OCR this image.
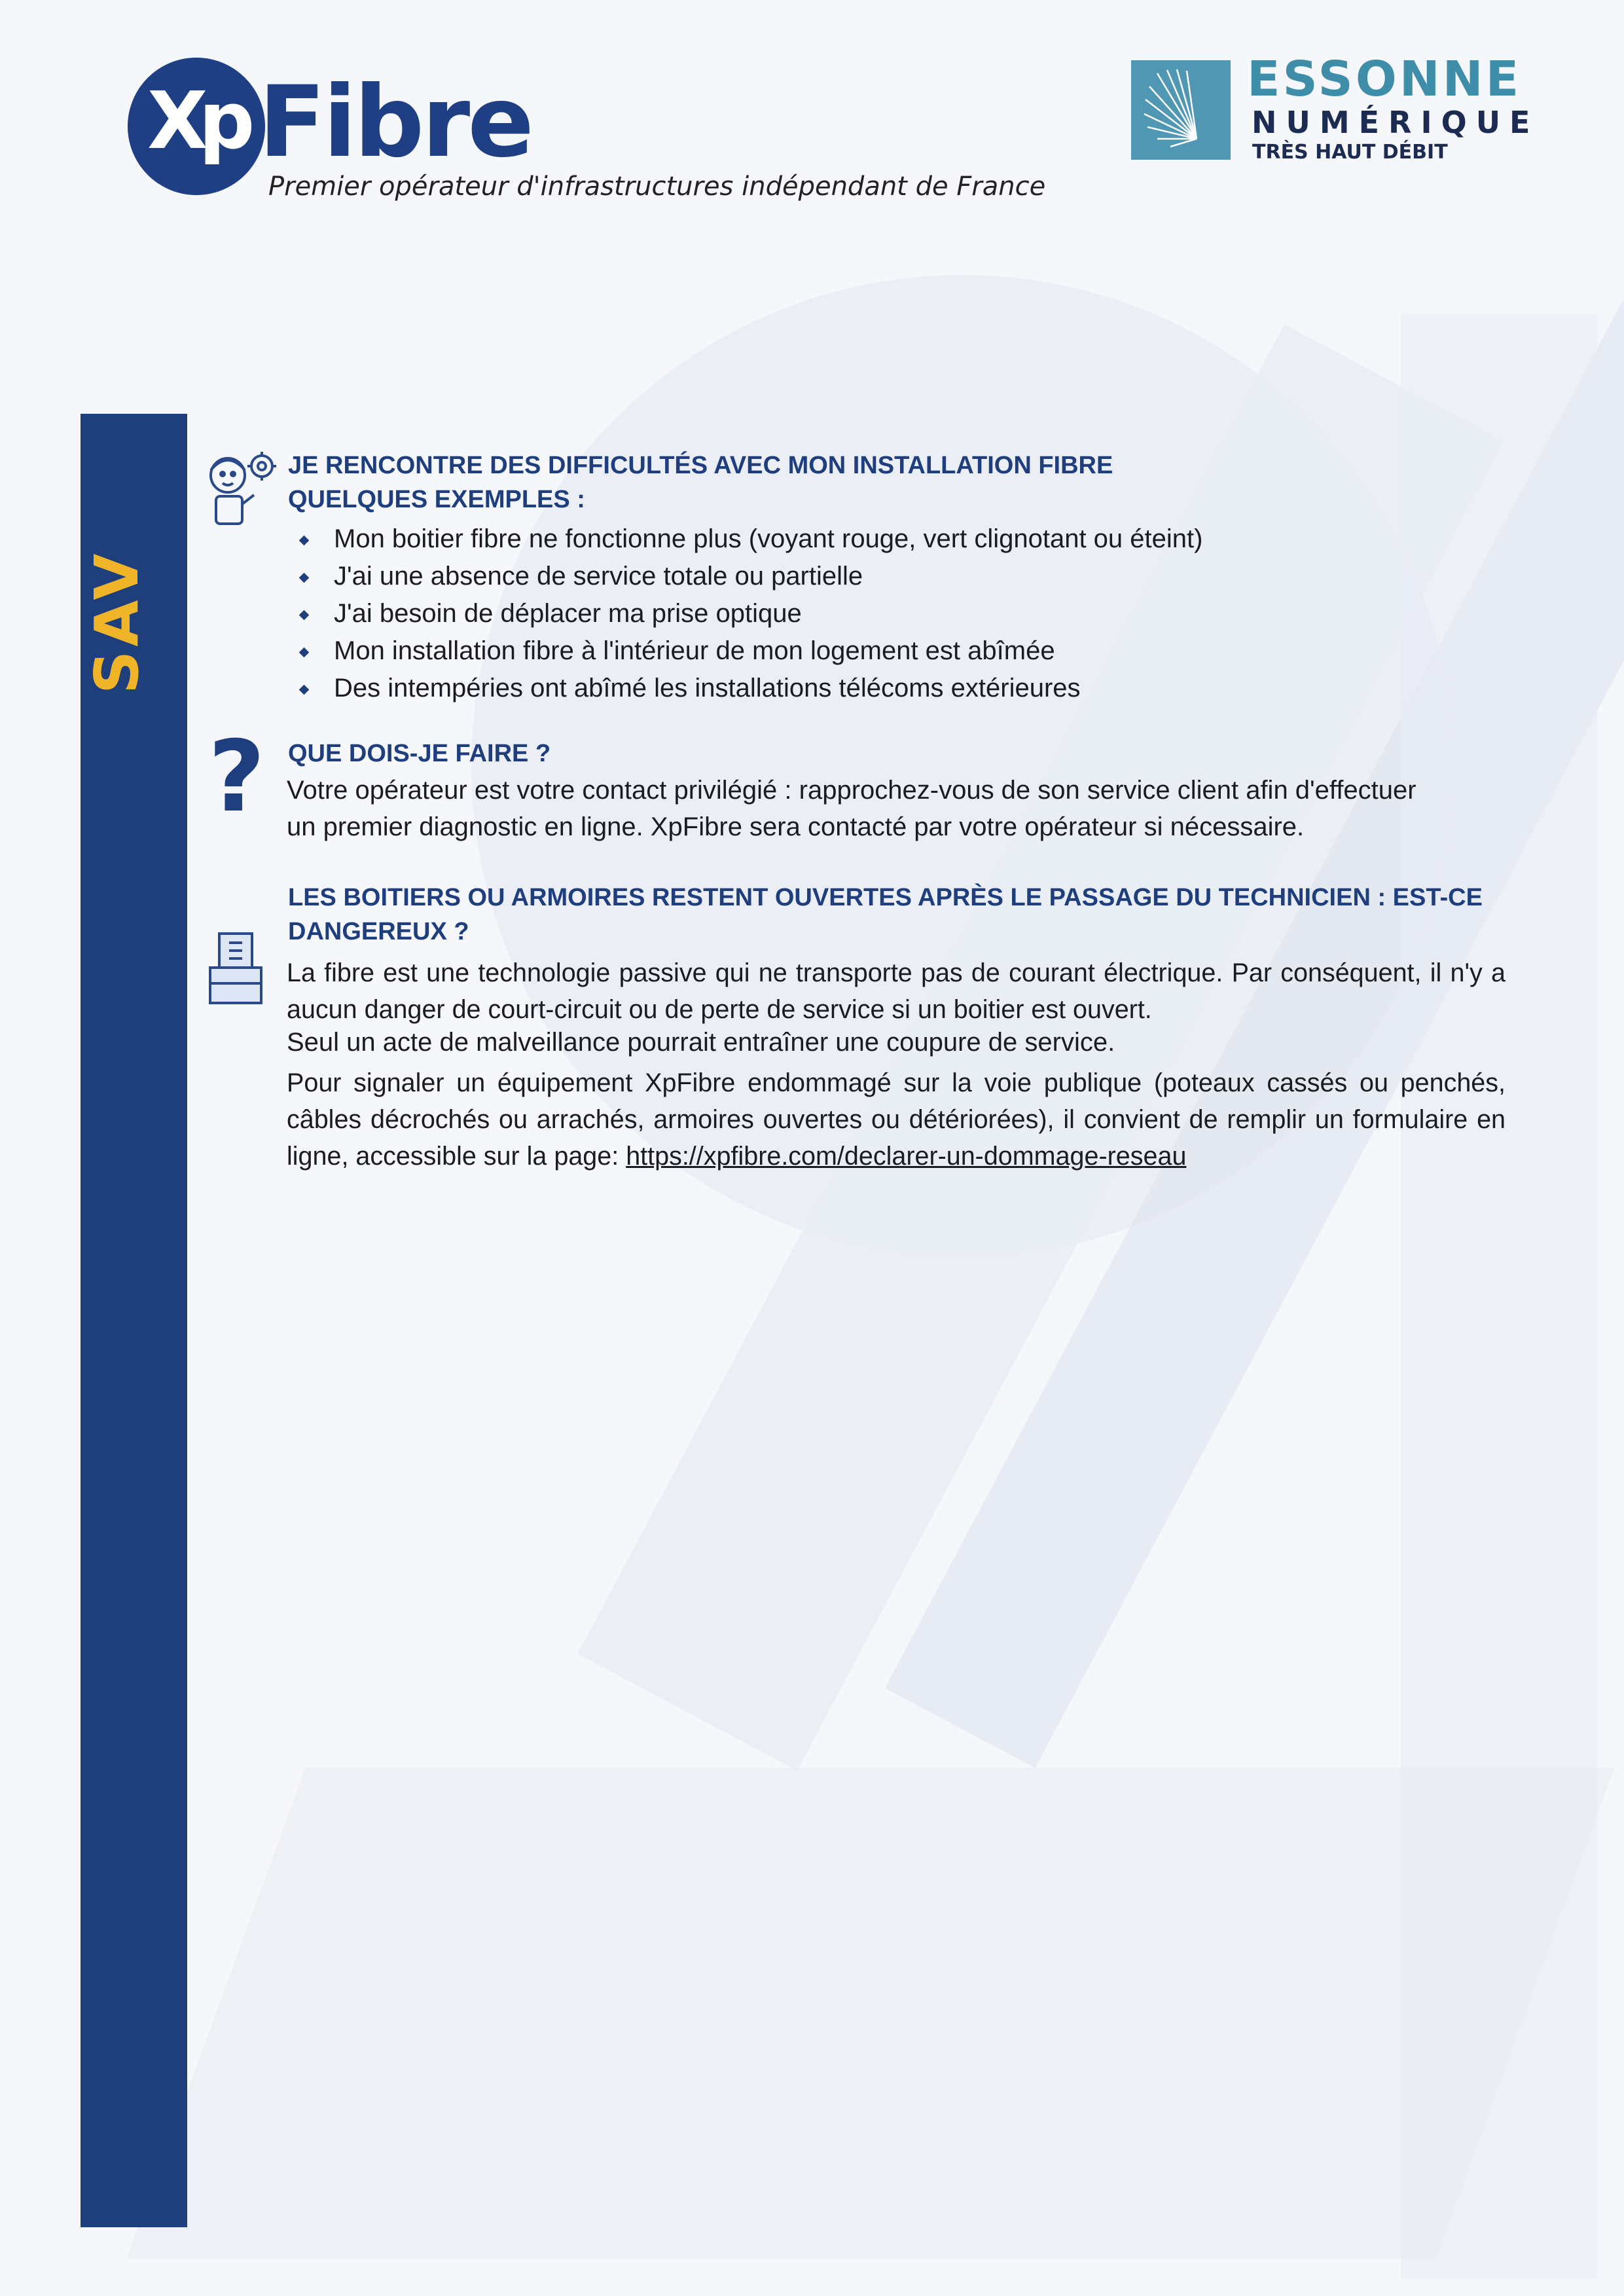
Xp Fibre
Premier opérateur d'infrastructures indépendant de France
ESSONNE
NUMÉRIQUE
TRÈS HAUT DÉBIT
SAV
JE RENCONTRE DES DIFFICULTÉS AVEC MON INSTALLATION FIBRE
QUELQUES EXEMPLES :
Mon boitier fibre ne fonctionne plus (voyant rouge, vert clignotant ou éteint)
J'ai une absence de service totale ou partielle
J'ai besoin de déplacer ma prise optique
Mon installation fibre à l'intérieur de mon logement est abîmée
Des intempéries ont abîmé les installations télécoms extérieures
? QUE DOIS-JE FAIRE ?
Votre opérateur est votre contact privilégié : rapprochez-vous de son service client afin d'effectuer
un premier diagnostic en ligne. XpFibre sera contacté par votre opérateur si nécessaire.
LES BOITIERS OU ARMOIRES RESTENT OUVERTES APRÈS LE PASSAGE DU TECHNICIEN : EST-CE
DANGEREUX ?
La fibre est une technologie passive qui ne transporte pas de courant électrique. Par conséquent, il n'y a aucun danger de court-circuit ou de perte de service si un boitier est ouvert.
Seul un acte de malveillance pourrait entraîner une coupure de service.
Pour signaler un équipement XpFibre endommagé sur la voie publique (poteaux cassés ou penchés, câbles décrochés ou arrachés, armoires ouvertes ou détériorées), il convient de remplir un formulaire en ligne, accessible sur la page: https://xpfibre.com/declarer-un-dommage-reseau
